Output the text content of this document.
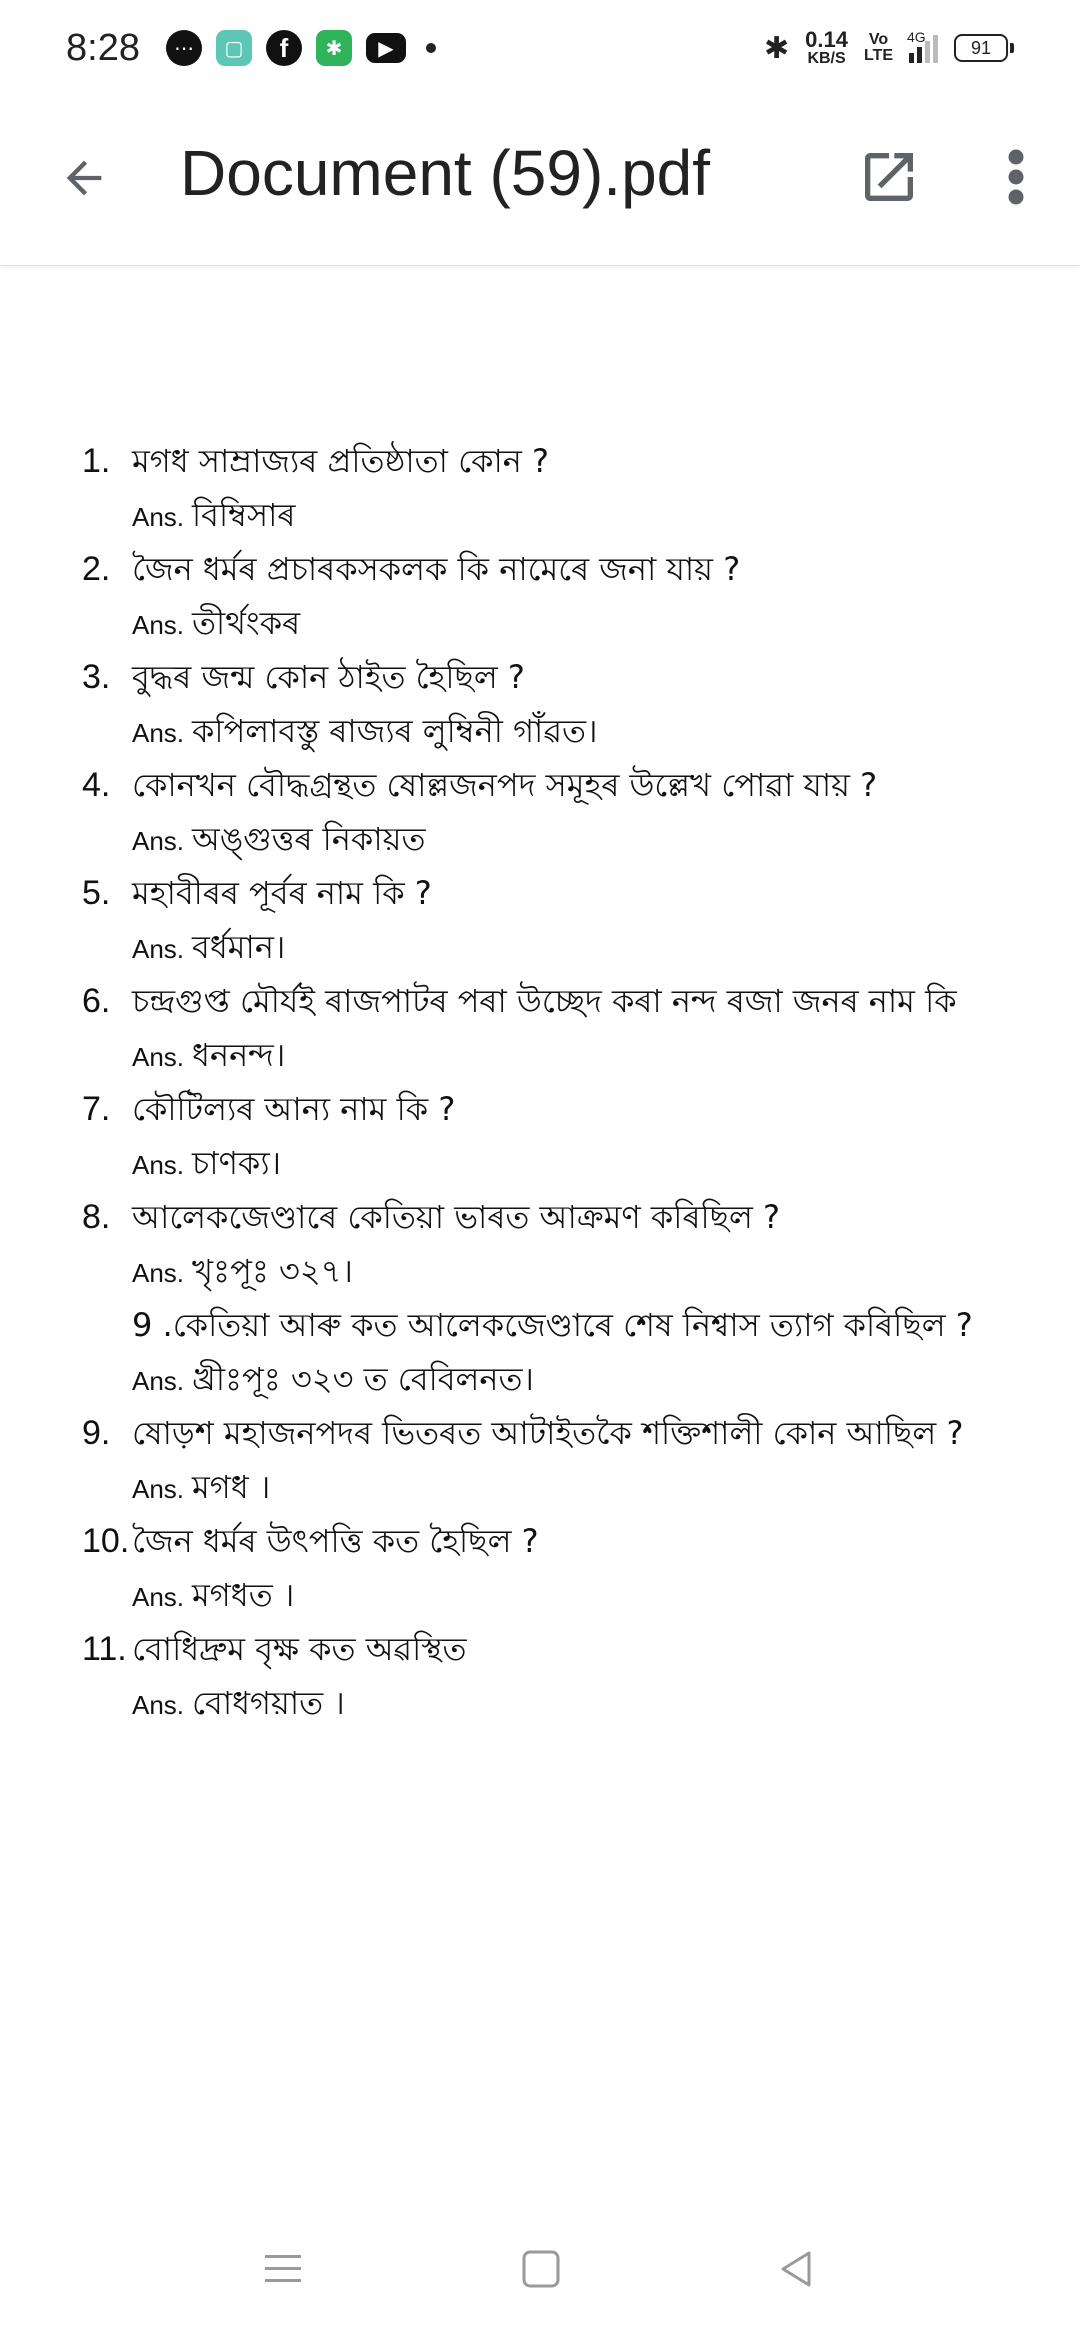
8:28	⋯	▢	f	✱	▶	✱ 0.14
KB/S
Vo
LTE
4G
91
Document (59).pdf
1. মগধ সাম্রাজ্যৰ প্ৰতিষ্ঠাতা কোন ?
Ans. বিম্বিসাৰ
2. জৈন ধৰ্মৰ প্ৰচাৰকসকলক কি নামেৰে জনা যায় ?
Ans. তীৰ্থংকৰ
3. বুদ্ধৰ জন্ম কোন ঠাইত হৈছিল ?
Ans. কপিলাবস্তু ৰাজ্যৰ লুম্বিনী গাঁৱত।
4. কোনখন বৌদ্ধগ্ৰন্থত ষোল্লজনপদ সমূহৰ উল্লেখ পোৱা যায় ?
Ans. অঙ্গুত্তৰ নিকায়ত
5. মহাবীৰৰ পূৰ্বৰ নাম কি ?
Ans. বৰ্ধমান।
6. চন্দ্ৰগুপ্ত মৌৰ্যই ৰাজপাটৰ পৰা উচ্ছেদ কৰা নন্দ ৰজা জনৰ নাম কি
Ans. ধননন্দ।
7. কৌটিল্যৰ আন্য নাম কি ?
Ans. চাণক্য।
8. আলেকজেণ্ডাৰে কেতিয়া ভাৰত আক্ৰমণ কৰিছিল ?
Ans. খৃঃপূঃ ৩২৭।
9 .কেতিয়া আৰু কত আলেকজেণ্ডাৰে শেষ নিশ্বাস ত্যাগ কৰিছিল ?
Ans. খ্ৰীঃপূঃ ৩২৩ ত বেবিলনত।
9. ষোড়শ মহাজনপদৰ ভিতৰত আটাইতকৈ শক্তিশালী কোন আছিল ?
Ans. মগধ ।
10. জৈন ধৰ্মৰ উৎপত্তি কত হৈছিল ?
Ans. মগধত ।
11. বোধিদ্ৰুম বৃক্ষ কত অৱস্থিত
Ans. বোধগয়াত ।
